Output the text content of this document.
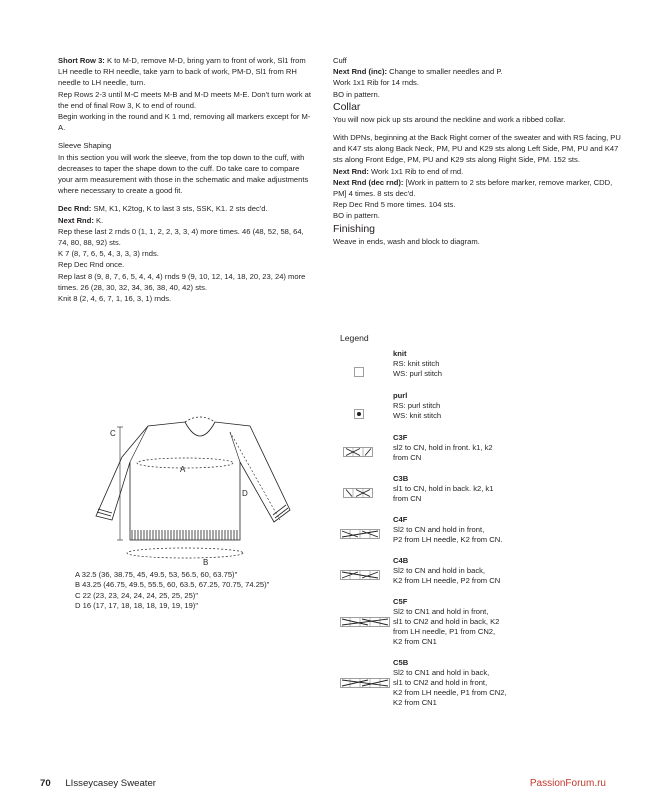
Short Row 3: K to M-D, remove M-D, bring yarn to front of work, Sl1 from LH needle to RH needle, take yarn to back of work, PM-D, Sl1 from RH needle to LH needle, turn.

Rep Rows 2-3 until M-C meets M-B and M-D meets M-E. Don't turn work at the end of final Row 3, K to end of round.

Begin working in the round and K 1 rnd, removing all markers except for M-A.

Sleeve Shaping

In this section you will work the sleeve, from the top down to the cuff, with decreases to taper the shape down to the cuff. Do take care to compare your arm measurement with those in the schematic and make adjustments where necessary to create a good fit.

Dec Rnd: SM, K1, K2tog, K to last 3 sts, SSK, K1. 2 sts dec'd.

Next Rnd: K.

Rep these last 2 rnds 0 (1, 1, 2, 2, 3, 3, 4) more times. 46 (48, 52, 58, 64, 74, 80, 88, 92) sts.

K 7 (8, 7, 6, 5, 4, 3, 3, 3) rnds.

Rep Dec Rnd once.

Rep last 8 (9, 8, 7, 6, 5, 4, 4, 4) rnds 9 (9, 10, 12, 14, 18, 20, 23, 24) more times. 26 (28, 30, 32, 34, 36, 38, 40, 42) sts.

Knit 8 (2, 4, 6, 7, 1, 16, 3, 1) rnds.

Cuff

Next Rnd (inc): Change to smaller needles and P.

Work 1x1 Rib for 14 rnds.

BO in pattern.

Collar

You will now pick up sts around the neckline and work a ribbed collar.

With DPNs, beginning at the Back Right corner of the sweater and with RS facing, PU and K47 sts along Back Neck, PM, PU and K29 sts along Left Side, PM, PU and K47 sts along Front Edge, PM, PU and K29 sts along Right Side, PM. 152 sts.

Next Rnd: Work 1x1 Rib to end of rnd.

Next Rnd (dec rnd): [Work in pattern to 2 sts before marker, remove marker, CDD, PM] 4 times. 8 sts dec'd.

Rep Dec Rnd 5 more times. 104 sts.

BO in pattern.

Finishing

Weave in ends, wash and block to diagram.

Legend
knit
RS: knit stitch
WS: purl stitch
purl
RS: purl stitch
WS: knit stitch
C3F
sl2 to CN, hold in front. k1, k2
from CN
C3B
sl1 to CN, hold in back. k2, k1
from CN
C4F
Sl2 to CN and hold in front,
P2 from LH needle, K2 from CN.
C4B
Sl2 to CN and hold in back,
K2 from LH needle, P2 from CN
C5F
Sl2 to CN1 and hold in front,
sl1 to CN2 and hold in back, K2
from LH needle, P1 from CN2,
K2 from CN1
C5B
Sl2 to CN1 and hold in back,
sl1 to CN2 and hold in front,
K2 from LH needle, P1 from CN2,
K2 from CN1
C
A
D
B
A 32.5 (36, 38.75, 45, 49.5, 53, 56.5, 60, 63.75)"
B 43.25 (46.75, 49.5, 55.5, 60, 63.5, 67.25, 70.75, 74.25)"
C 22 (23, 23, 24, 24, 24, 25, 25, 25)"
D 16 (17, 17, 18, 18, 18, 19, 19, 19)"
70 LIsseycasey Sweater	PassionForum.ru
